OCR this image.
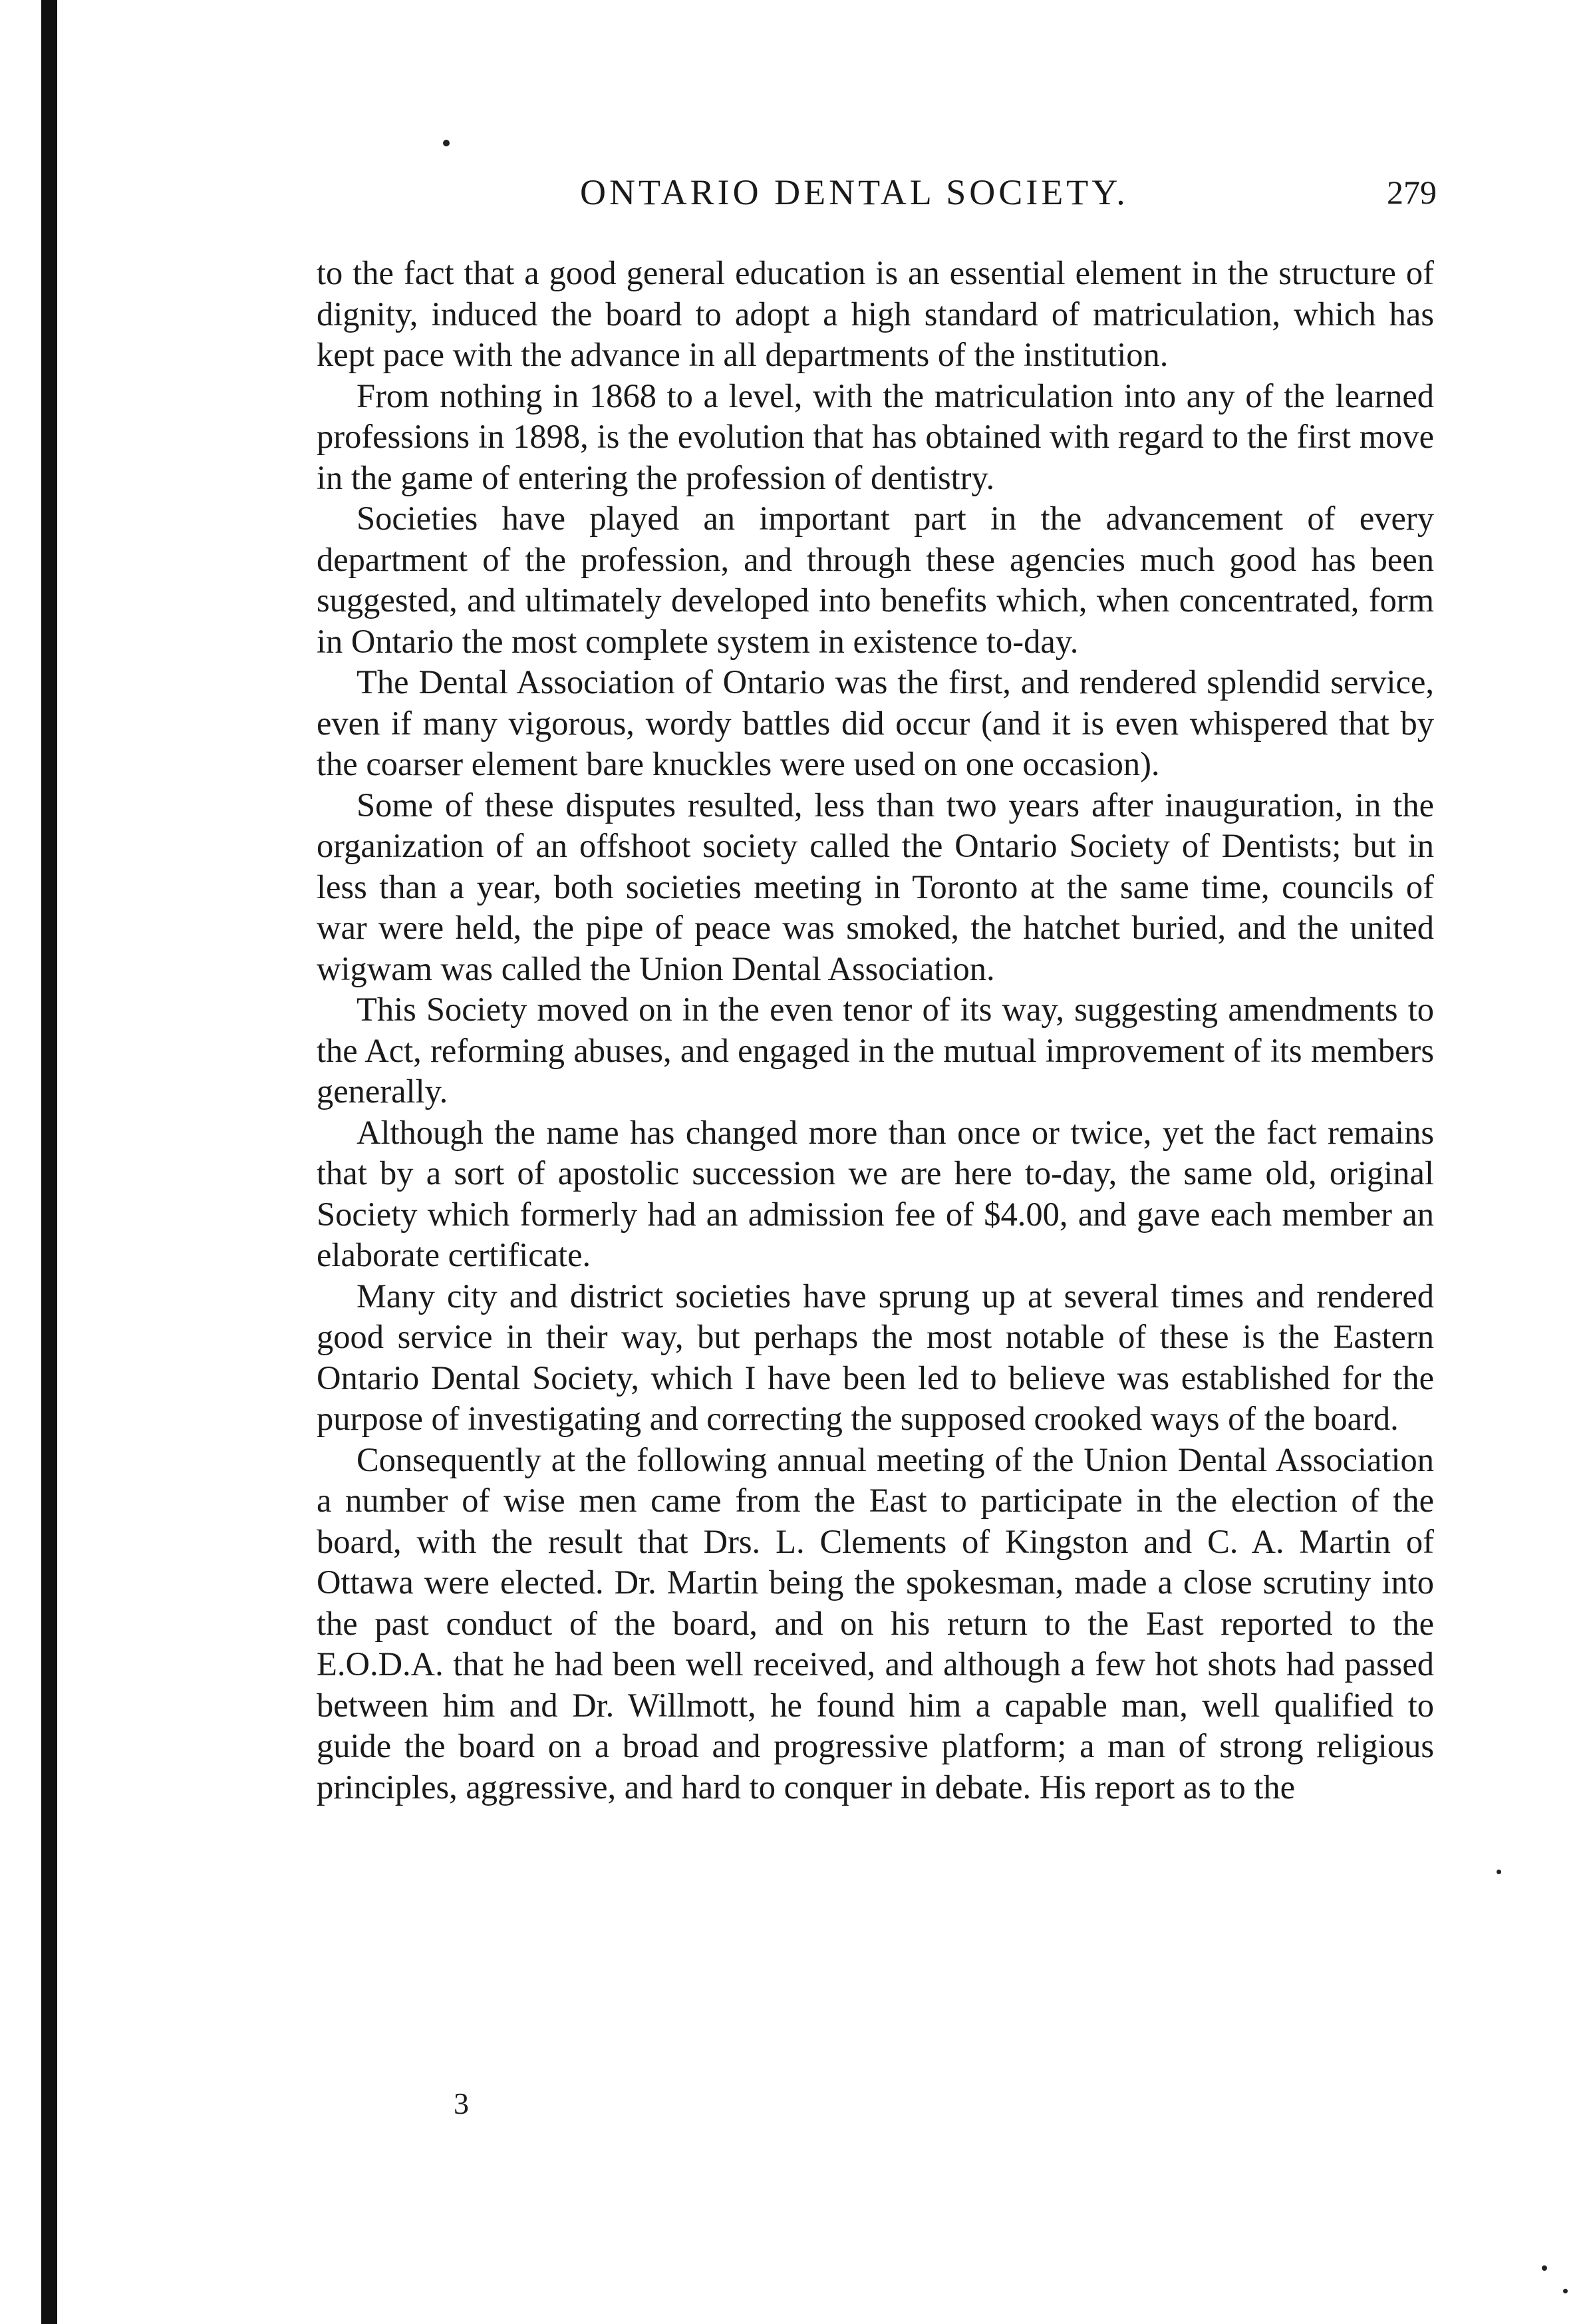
ONTARIO DENTAL SOCIETY.	279

to the fact that a good general education is an essential element in the structure of dignity, induced the board to adopt a high standard of matriculation, which has kept pace with the advance in all departments of the institution.

From nothing in 1868 to a level, with the matriculation into any of the learned professions in 1898, is the evolution that has obtained with regard to the first move in the game of entering the profession of dentistry.

Societies have played an important part in the advancement of every department of the profession, and through these agencies much good has been suggested, and ultimately developed into benefits which, when concentrated, form in Ontario the most complete system in existence to-day.

The Dental Association of Ontario was the first, and rendered splendid service, even if many vigorous, wordy battles did occur (and it is even whispered that by the coarser element bare knuckles were used on one occasion).

Some of these disputes resulted, less than two years after inauguration, in the organization of an offshoot society called the Ontario Society of Dentists; but in less than a year, both societies meeting in Toronto at the same time, councils of war were held, the pipe of peace was smoked, the hatchet buried, and the united wigwam was called the Union Dental Association.

This Society moved on in the even tenor of its way, suggesting amendments to the Act, reforming abuses, and engaged in the mutual improvement of its members generally.

Although the name has changed more than once or twice, yet the fact remains that by a sort of apostolic succession we are here to-day, the same old, original Society which formerly had an admission fee of $4.00, and gave each member an elaborate certificate.

Many city and district societies have sprung up at several times and rendered good service in their way, but perhaps the most notable of these is the Eastern Ontario Dental Society, which I have been led to believe was established for the purpose of investigating and correcting the supposed crooked ways of the board.

Consequently at the following annual meeting of the Union Dental Association a number of wise men came from the East to participate in the election of the board, with the result that Drs. L. Clements of Kingston and C. A. Martin of Ottawa were elected. Dr. Martin being the spokesman, made a close scrutiny into the past conduct of the board, and on his return to the East reported to the E.O.D.A. that he had been well received, and although a few hot shots had passed between him and Dr. Willmott, he found him a capable man, well qualified to guide the board on a broad and progressive platform; a man of strong religious principles, aggressive, and hard to conquer in debate. His report as to the

3
